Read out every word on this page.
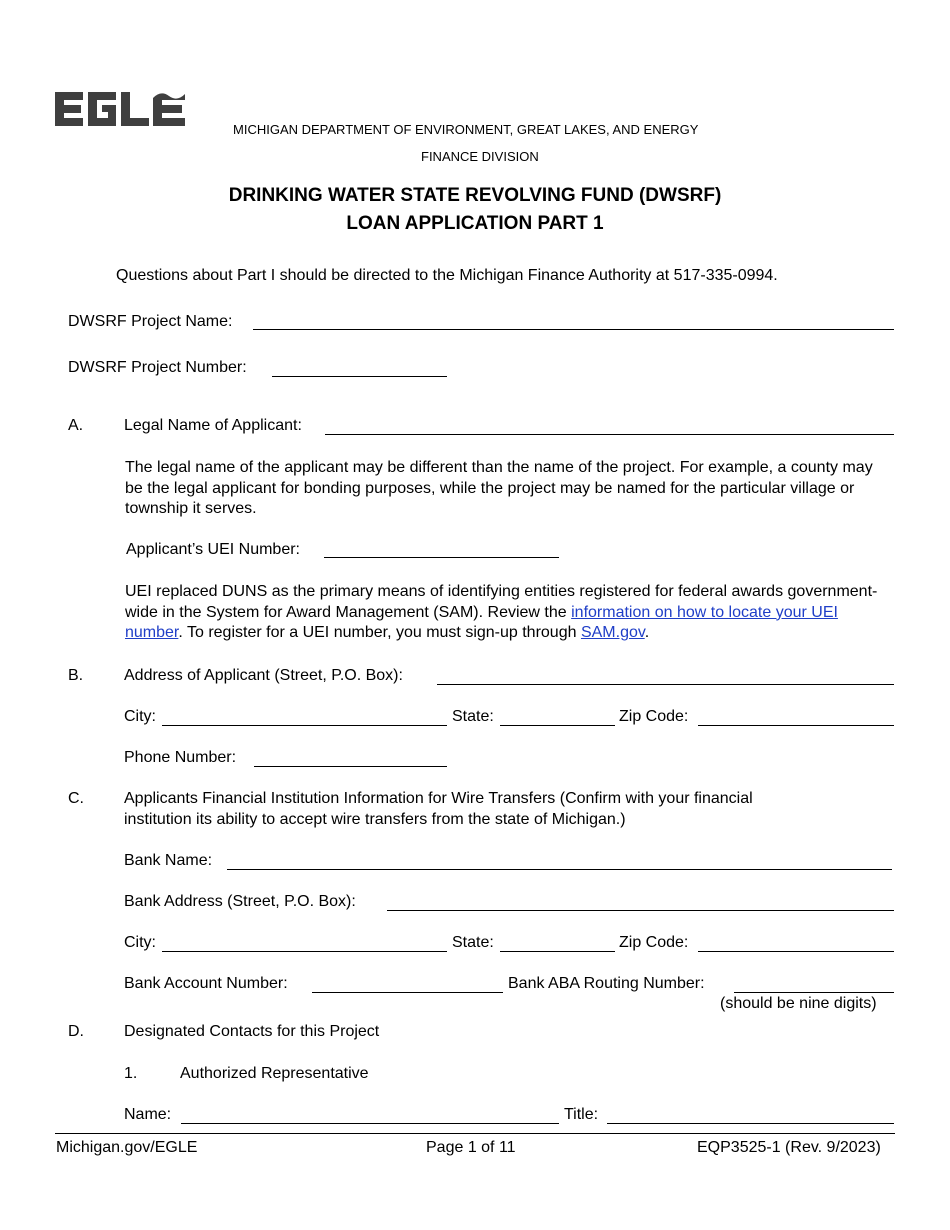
MICHIGAN DEPARTMENT OF ENVIRONMENT, GREAT LAKES, AND ENERGY
FINANCE DIVISION
DRINKING WATER STATE REVOLVING FUND (DWSRF)
LOAN APPLICATION PART 1
Questions about Part I should be directed to the Michigan Finance Authority at 517-335-0994.
DWSRF Project Name:
DWSRF Project Number:
A.	Legal Name of Applicant:
The legal name of the applicant may be different than the name of the project. For example, a county may be the legal applicant for bonding purposes, while the project may be named for the particular village or township it serves.
Applicant’s UEI Number:
UEI replaced DUNS as the primary means of identifying entities registered for federal awards government-wide in the System for Award Management (SAM). Review the information on how to locate your UEI number. To register for a UEI number, you must sign-up through SAM.gov.
B.	Address of Applicant (Street, P.O. Box):
City:	State:	Zip Code:
Phone Number:
C.	Applicants Financial Institution Information for Wire Transfers (Confirm with your financial
institution its ability to accept wire transfers from the state of Michigan.)
Bank Name:
Bank Address (Street, P.O. Box):
City:	State:	Zip Code:
Bank Account Number:	Bank ABA Routing Number:
(should be nine digits)
D.	Designated Contacts for this Project
1.	Authorized Representative
Name:	Title:
Michigan.gov/EGLE	Page 1 of 11	EQP3525-1 (Rev. 9/2023)
